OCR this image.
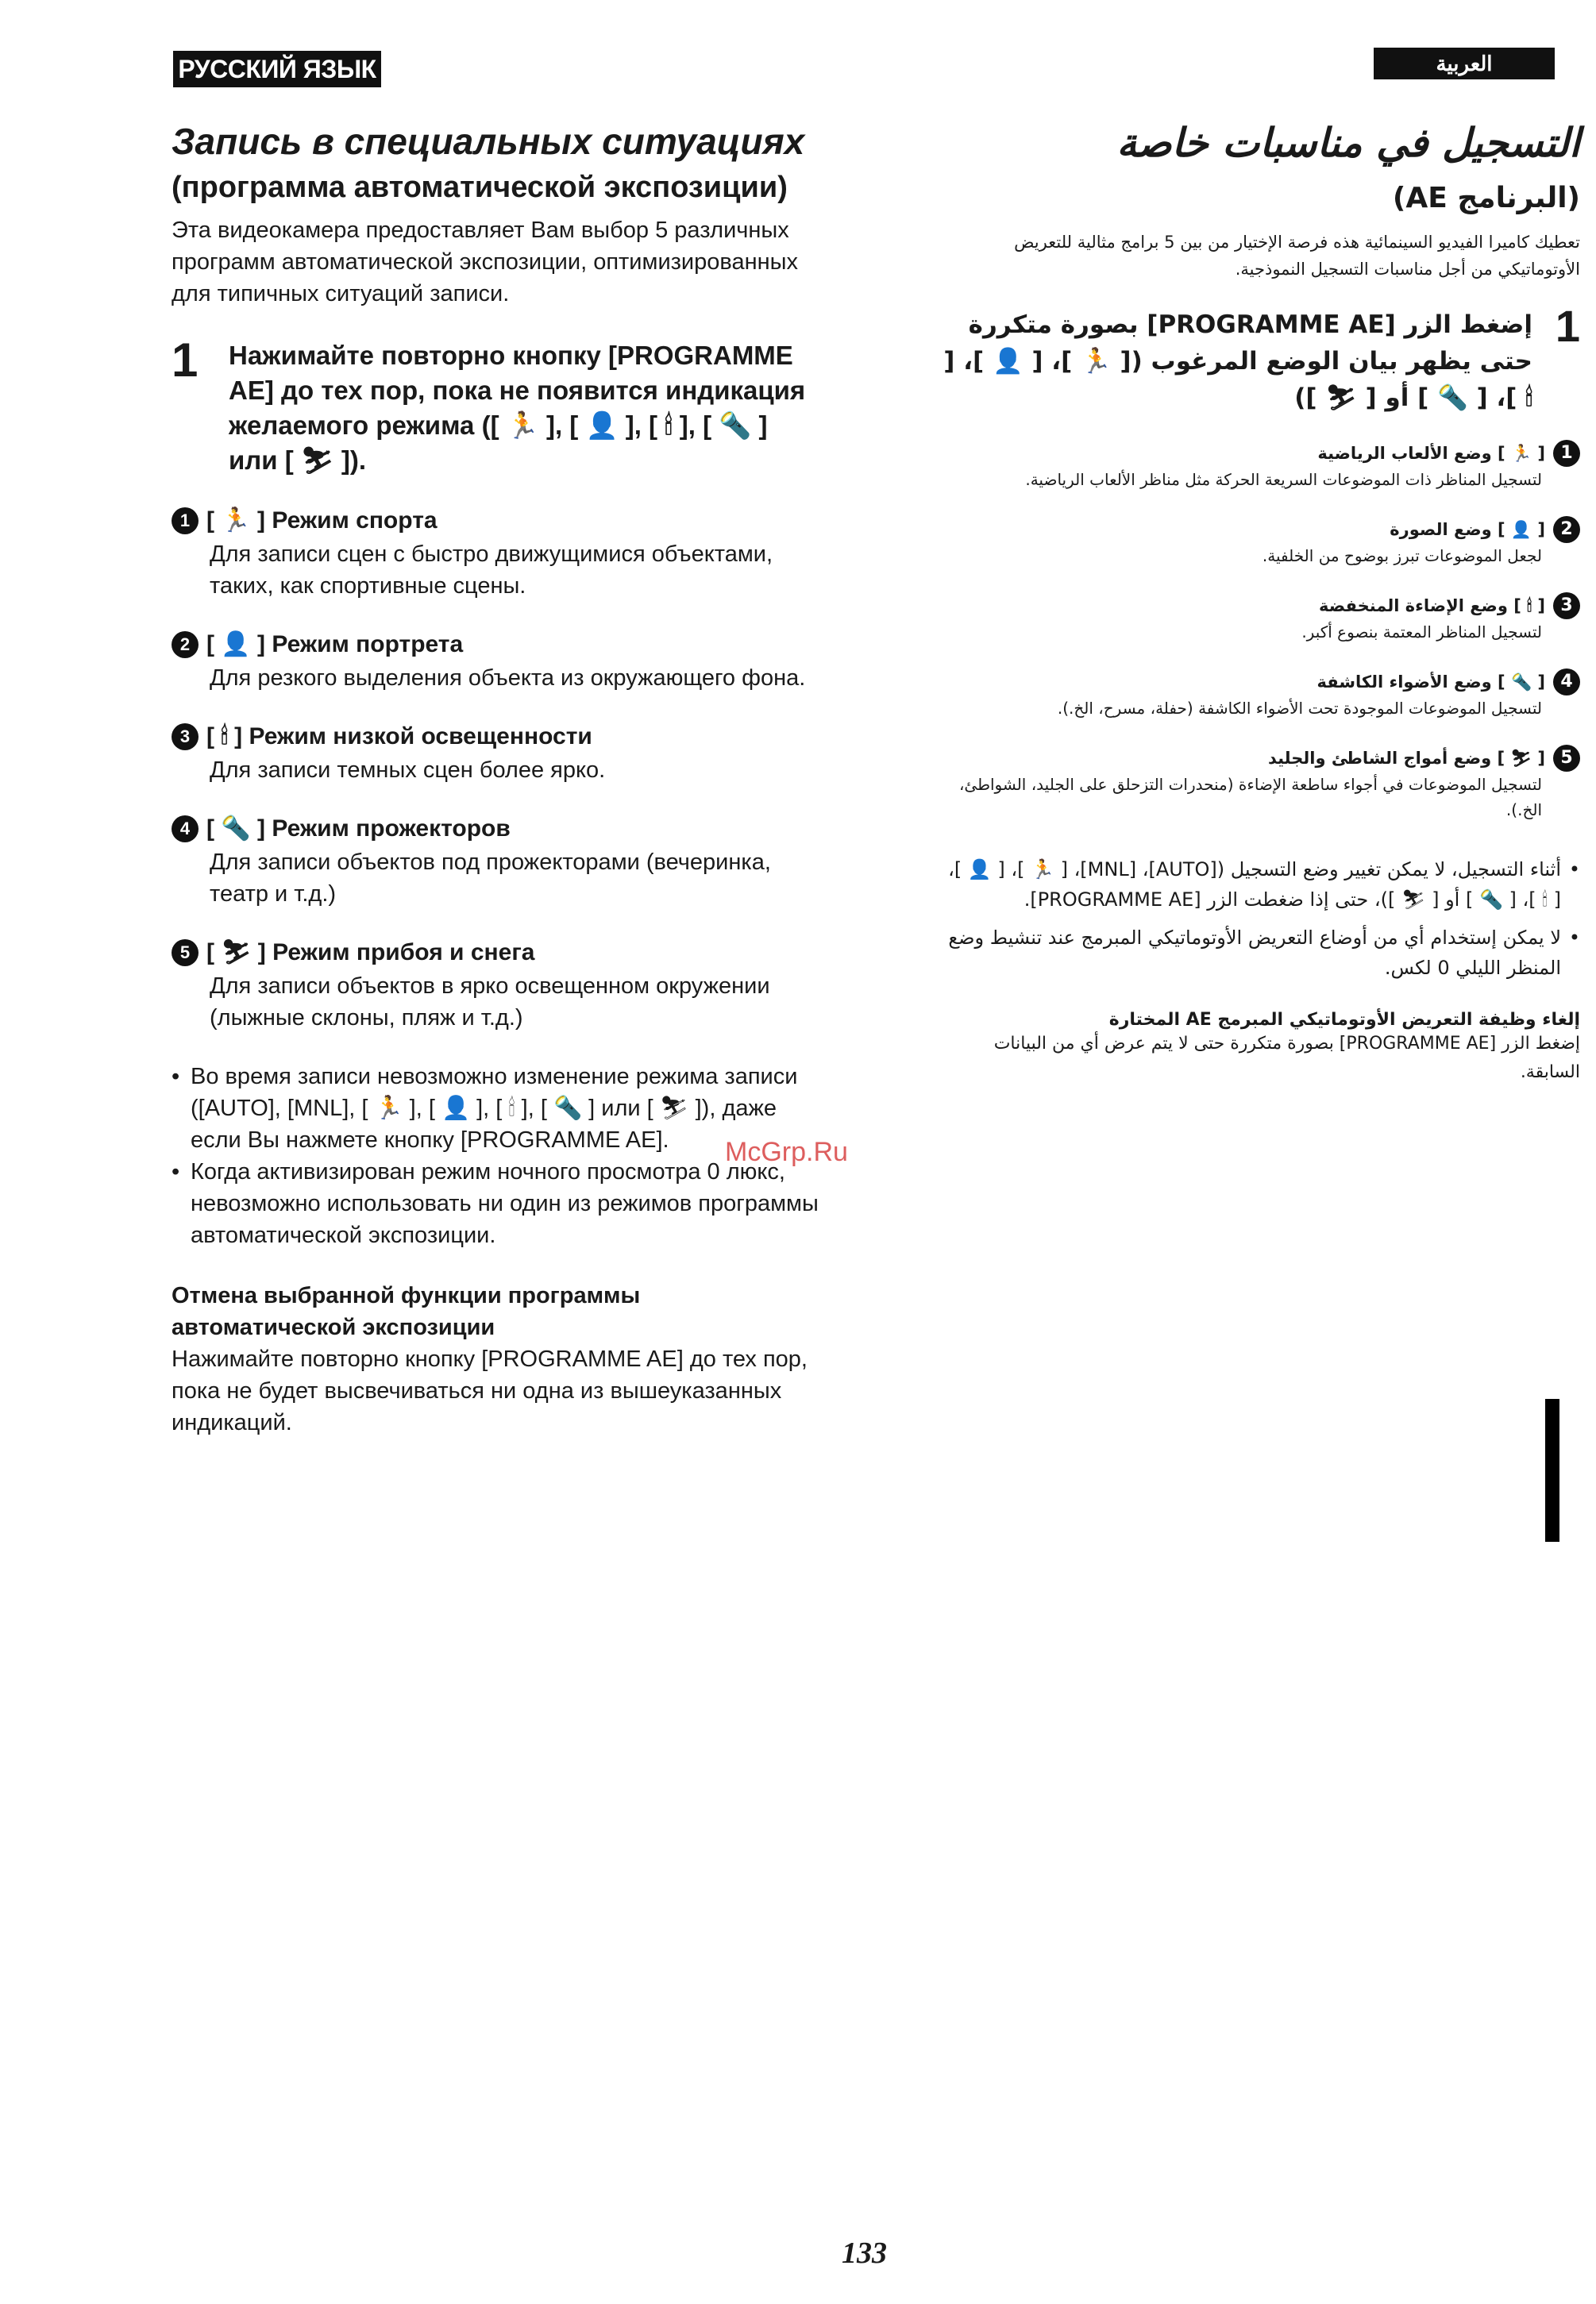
РУССКИЙ ЯЗЫК	العربية
Запись в специальных ситуациях
(программа автоматической экспозиции)
Эта видеокамера предоставляет Вам выбор 5 различных программ автоматической экспозиции, оптимизированных для типичных ситуаций записи.
1	Нажимайте повторно кнопку [PROGRAMME AE] до тех пор, пока не появится индикация желаемого режима ([ 🏃 ], [ 👤 ], [ 🕯 ], [ 🔦 ] или [ ⛷ ]).
1 [ 🏃 ] Режим спорта
Для записи сцен с быстро движущимися объектами, таких, как спортивные сцены.
2 [ 👤 ] Режим портрета
Для резкого выделения объекта из окружающего фона.
3 [ 🕯 ] Режим низкой освещенности
Для записи темных сцен более ярко.
4 [ 🔦 ] Режим прожекторов
Для записи объектов под прожекторами (вечеринка, театр и т.д.)
5 [ ⛷ ] Режим прибоя и снега
Для записи объектов в ярко освещенном окружении (лыжные склоны, пляж и т.д.)
• Во время записи невозможно изменение режима записи ([AUTO], [MNL], [ 🏃 ], [ 👤 ], [ 🕯 ], [ 🔦 ] или [ ⛷ ]), даже если Вы нажмете кнопку [PROGRAMME AE].
• Когда активизирован режим ночного просмотра 0 люкс, невозможно использовать ни один из режимов программы автоматической экспозиции.
Отмена выбранной функции программы автоматической экспозиции
Нажимайте повторно кнопку [PROGRAMME AE] до тех пор, пока не будет высвечиваться ни одна из вышеуказанных индикаций.
التسجيل في مناسبات خاصة
(البرنامج AE)
تعطيك كاميرا الفيديو السينمائية هذه فرصة الإختيار من بين 5 برامج مثالية للتعريض الأوتوماتيكي من أجل مناسبات التسجيل النموذجية.
1
إضغط الزر [PROGRAMME AE] بصورة متكررة حتى يظهر بيان الوضع المرغوب ([ 🏃 ]، [ 👤 ]، [ 🕯 ]، [ 🔦 ] أو [ ⛷ ])
1
[ 🏃 ] وضع الألعاب الرياضية
لتسجيل المناظر ذات الموضوعات السريعة الحركة مثل مناظر الألعاب الرياضية.
2
[ 👤 ] وضع الصورة
لجعل الموضوعات تبرز بوضوح من الخلفية.
3
[ 🕯 ] وضع الإضاءة المنخفضة
لتسجيل المناظر المعتمة بنصوع أكبر.
4
[ 🔦 ] وضع الأضواء الكاشفة
لتسجيل الموضوعات الموجودة تحت الأضواء الكاشفة (حفلة، مسرح، الخ.).
5
[ ⛷ ] وضع أمواج الشاطئ والجليد
لتسجيل الموضوعات في أجواء ساطعة الإضاءة (منحدرات التزحلق على الجليد، الشواطئ، الخ.).
•
أثناء التسجيل، لا يمكن تغيير وضع التسجيل ([AUTO]، [MNL]، [ 🏃 ]، [ 👤 ]، [ 🕯 ]، [ 🔦 ] أو [ ⛷ ])، حتى إذا ضغطت الزر [PROGRAMME AE].
•
لا يمكن إستخدام أي من أوضاع التعريض الأوتوماتيكي المبرمج عند تنشيط وضع المنظر الليلي 0 لكس.
إلغاء وظيفة التعريض الأوتوماتيكي المبرمج AE المختارة
إضغط الزر [PROGRAMME AE] بصورة متكررة حتى لا يتم عرض أي من البيانات السابقة.
McGrp.Ru
133
